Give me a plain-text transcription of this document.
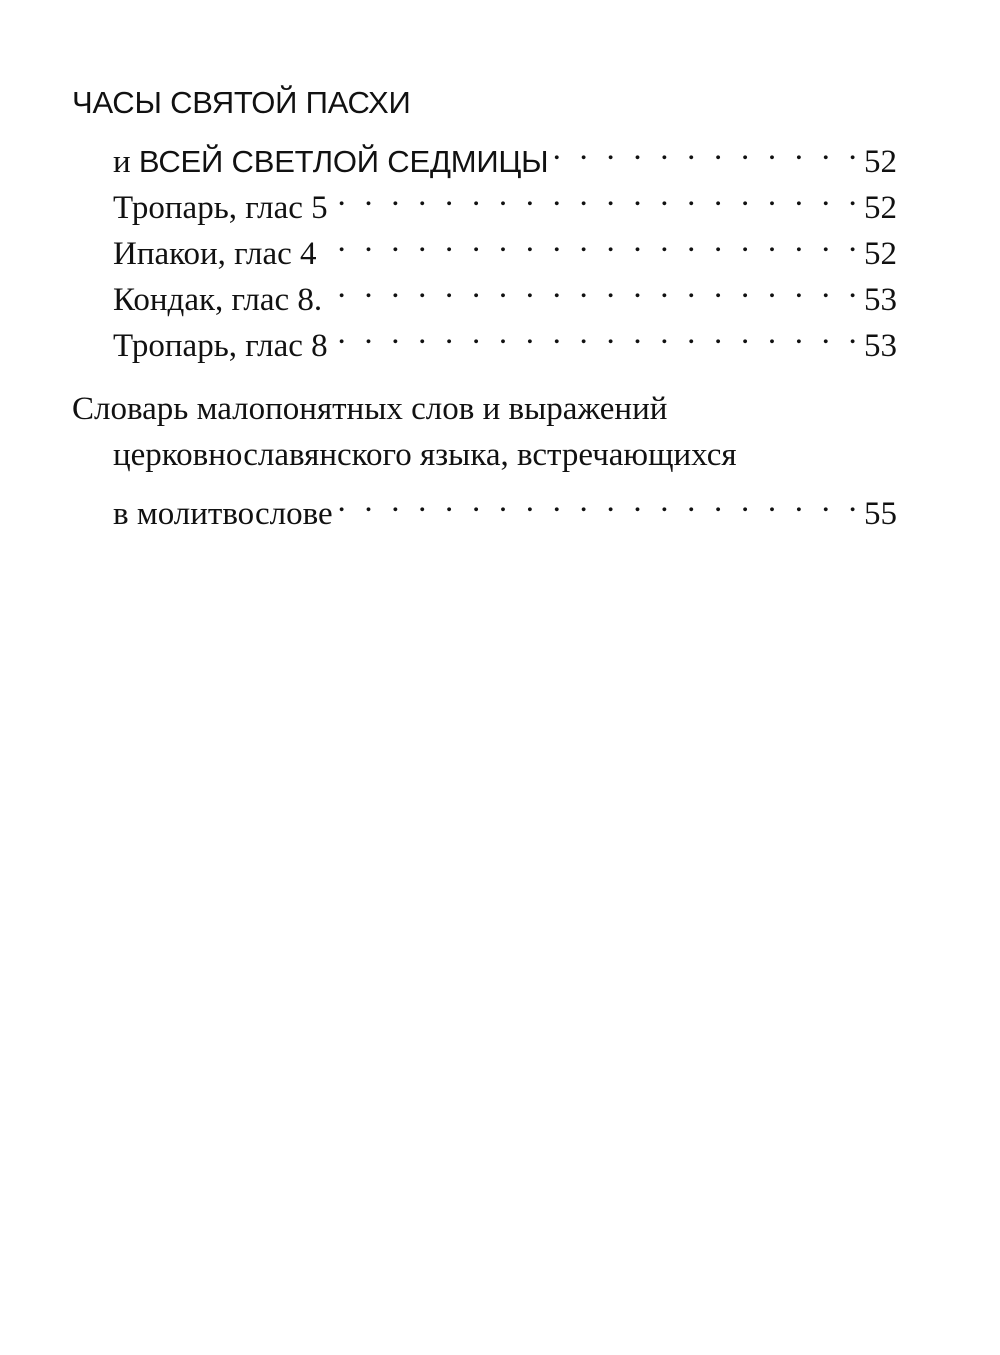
ЧАСЫ СВЯТОЙ ПАСХИ
и ВСЕЙ СВЕТЛОЙ СЕДМИЦЫ . . .	52
Тропарь, глас 5 . . .	52
Ипакои, глас 4 . . .	52
Кондак, глас 8. . . .	53
Тропарь, глас 8 . . .	53
Словарь малопонятных слов и выражений
церковнославянского языка, встречающихся
в молитвослове . . .	55
